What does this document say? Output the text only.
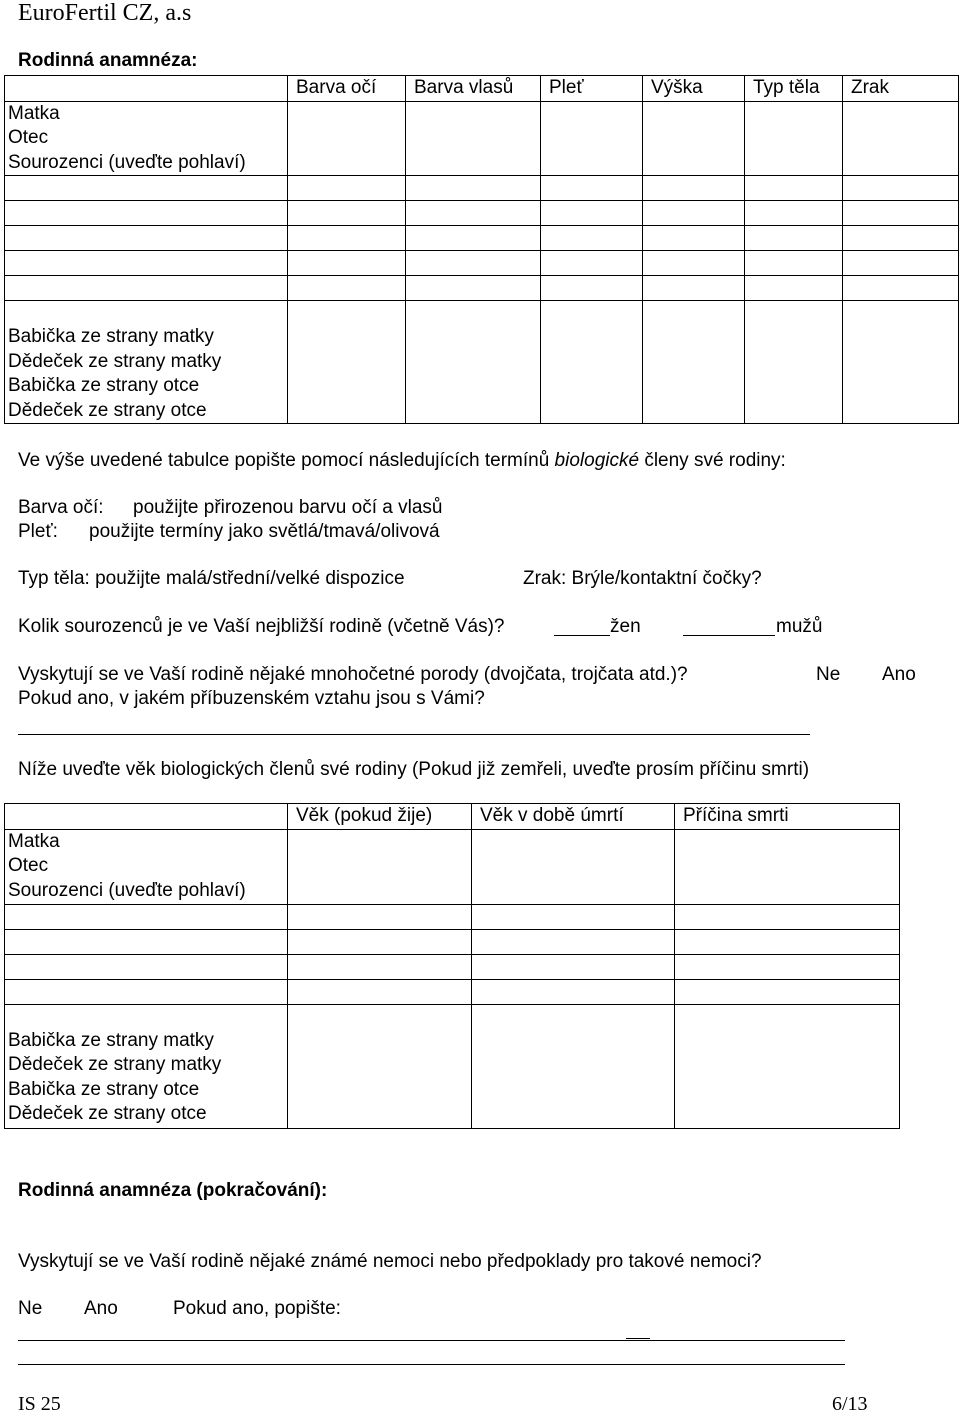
EuroFertil CZ, a.s
Rodinná anamnéza:
	Barva očí	Barva vlasů	Pleť	Výška	Typ těla	Zrak

Matka
Otec
Sourozenci (uveďte pohlaví)						

Babička ze strany matky
Dědeček ze strany matky
Babička ze strany otce
Dědeček ze strany otce						

Ve výše uvedené tabulce popište pomocí následujících termínů biologické členy své rodiny:
Barva očí: použijte přirozenou barvu očí a vlasů
Pleť: použijte termíny jako světlá/tmavá/olivová
Typ těla: použijte malá/střední/velké dispozice	Zrak: Brýle/kontaktní čočky?
Kolik sourozenců je ve Vaší nejbližší rodině (včetně Vás)?	žen	mužů
Vyskytují se ve Vaší rodině nějaké mnohočetné porody (dvojčata, trojčata atd.)?	Ne Ano
Pokud ano, v jakém příbuzenském vztahu jsou s Vámi?
Níže uveďte věk biologických členů své rodiny (Pokud již zemřeli, uveďte prosím příčinu smrti)
	Věk (pokud žije)	Věk v době úmrtí	Příčina smrti

Matka
Otec
Sourozenci (uveďte pohlaví)			

Babička ze strany matky
Dědeček ze strany matky
Babička ze strany otce
Dědeček ze strany otce			

Rodinná anamnéza (pokračování):
Vyskytují se ve Vaší rodině nějaké známé nemoci nebo předpoklady pro takové nemoci?
Ne Ano	Pokud ano, popište:
IS 25	6/13
